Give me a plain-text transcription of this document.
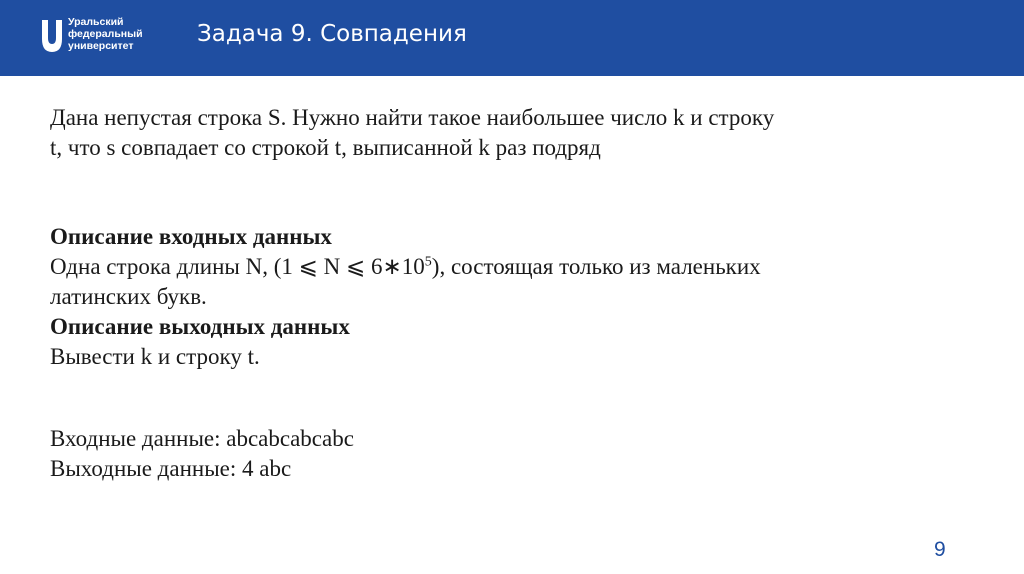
Уральский
федеральный
университет	Задача 9. Совпадения

Дана непустая строка S. Нужно найти такое наибольшее число k и строку

t, что s совпадает со строкой t, выписанной k раз подряд

Описание входных данных

Одна строка длины N, (1 ⩽ N ⩽ $6∗10^5$), состоящая только из маленьких

латинских букв.

Описание выходных данных

Вывести k и строку t.

Входные данные: abcabcabcabc

Выходные данные: 4 abc

9
